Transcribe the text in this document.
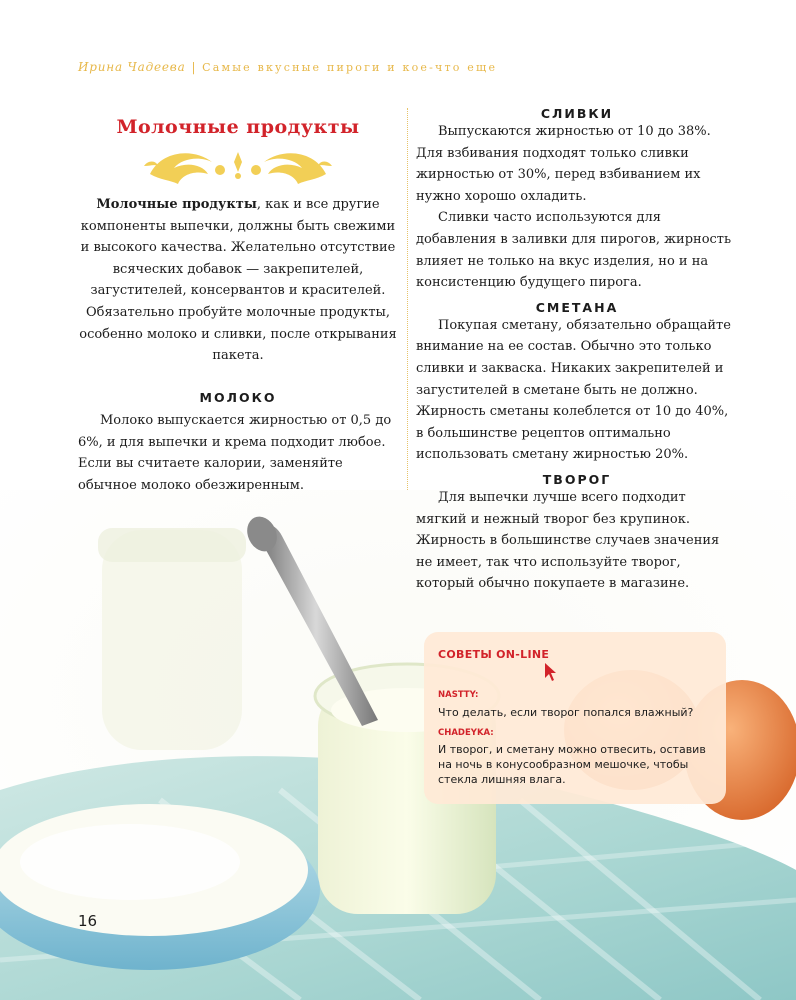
Ирина Чадеева | Самые вкусные пироги и кое-что еще
Молочные продукты
Молочные продукты, как и все другие компоненты выпечки, должны быть свежими и высокого качества. Желательно отсутствие всяческих добавок — закрепителей, загустителей, консервантов и красителей. Обязательно пробуйте молочные продукты, особенно молоко и сливки, после открывания пакета.
МОЛОКО

Молоко выпускается жирностью от 0,5 до 6%, и для выпечки и крема подходит любое. Если вы считаете калории, заменяйте обычное молоко обезжиренным.

СЛИВКИ

Выпускаются жирностью от 10 до 38%. Для взбивания подходят только сливки жирностью от 30%, перед взбиванием их нужно хорошо охладить.

Сливки часто используются для добавления в заливки для пирогов, жирность влияет не только на вкус изделия, но и на консистенцию будущего пирога.

СМЕТАНА

Покупая сметану, обязательно обращайте внимание на ее состав. Обычно это только сливки и закваска. Никаких закрепителей и загустителей в сметане быть не должно. Жирность сметаны колеблется от 10 до 40%, в большинстве рецептов оптимально использовать сметану жирностью 20%.

ТВОРОГ

Для выпечки лучше всего подходит мягкий и нежный творог без крупинок. Жирность в большинстве случаев значения не имеет, так что используйте творог, который обычно покупаете в магазине.

СОВЕТЫ ON-LINE
NASTTY:
Что делать, если творог попался влажный?
CHADEYKA:
И творог, и сметану можно отвесить, оставив на ночь в конусообразном мешочке, чтобы стекла лишняя влага.
16
